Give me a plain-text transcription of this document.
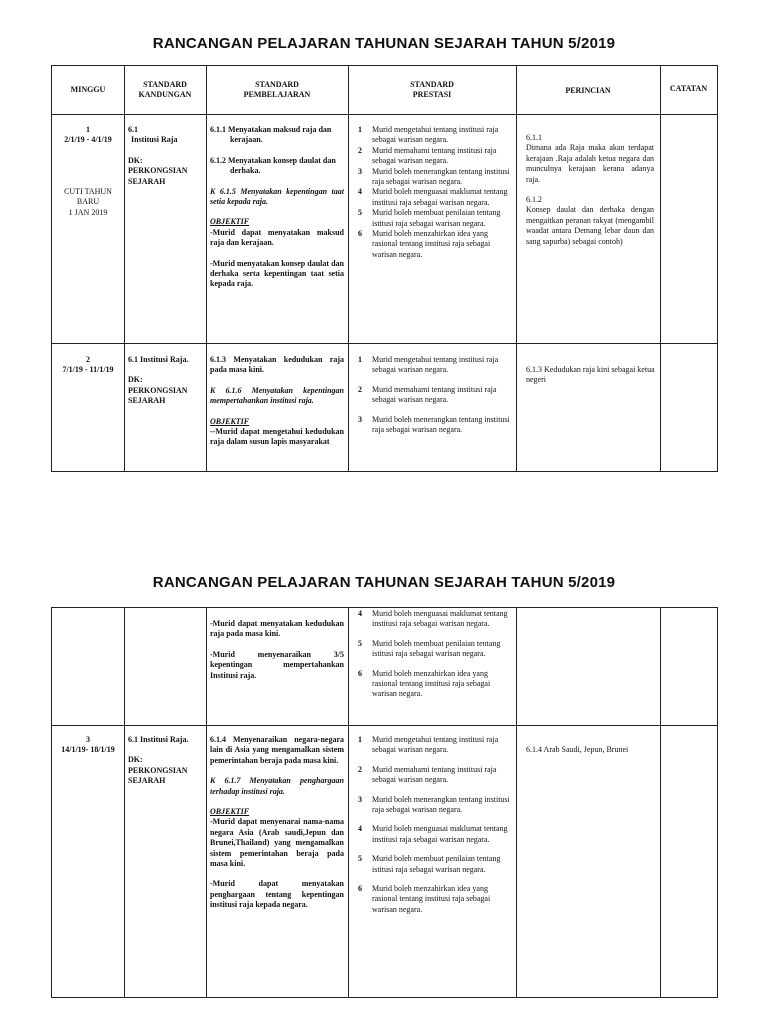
RANCANGAN PELAJARAN TAHUNAN SEJARAH TAHUN 5/2019
MINGGU
STANDARD
KANDUNGAN
STANDARD
PEMBELAJARAN
STANDARD
PRESTASI	PERINCIAN	CATATAN
1
2/1/19 - 4/1/19
CUTI TAHUN
BARU
1 JAN 2019
6.1
Institusi Raja
DK:
PERKONGSIAN SEJARAH
6.1.1 Menyatakan maksud raja dan
kerajaan.
6.1.2 Menyatakan konsep daulat dan
derhaka.
K 6.1.5 Menyatakan kepentingan taat setia kepada raja.
OBJEKTIF
-Murid dapat menyatakan maksud raja dan kerajaan.
-Murid menyatakan konsep daulat dan derhaka serta kepentingan taat setia kepada raja.
1 Murid mengetahui tentang institusi raja sebagai warisan negara.
2 Murid memahami tentang institusi raja sebagai warisan negara.
3 Murid boleh menerangkan tentang institusi raja sebagai warisan negara.
4 Murid boleh menguasai maklumat tentang institusi raja sebagai warisan negara.
5 Murid boleh membuat penilaian tentang istitusi raja sebagai warisan negara.
6 Murid boleh menzahirkan idea yang rasional tentang institusi raja sebagai warisan negara.
6.1.1
Dimana ada Raja maka akan terdapat kerajaan .Raja adalah ketua negara dan munculnya kerajaan kerana adanya raja.
6.1.2
Konsep daulat dan derhaka dengan mengaitkan peranan rakyat (mengambil waadat antara Demang lebar daun dan sang sapurba) sebagai contoh)
2
7/1/19 - 11/1/19
6.1 Institusi Raja.
DK:
PERKONGSIAN SEJARAH
6.1.3 Menyatakan kedudukan raja pada masa kini.
K 6.1.6 Menyatakan kepentingan mempertahankan institusi raja.
OBJEKTIF
--Murid dapat mengetahui kedudukan raja dalam susun lapis masyarakat
1 Murid mengetahui tentang institusi raja sebagai warisan negara.
2 Murid memahami tentang institusi raja sebagai warisan negara.
3 Murid boleh menerangkan tentang institusi raja sebagai warisan negara.
6.1.3 Kedudukan raja kini sebagai ketua negeri
RANCANGAN PELAJARAN TAHUNAN SEJARAH TAHUN 5/2019
-Murid dapat menyatakan kedudukan raja pada masa kini.
-Murid menyenaraikan 3/5 kepentingan mempertahankan Institusi raja.
4 Murid boleh menguasai maklumat tentang institusi raja sebagai warisan negara.
5 Murid boleh membuat penilaian tentang istitusi raja sebagai warisan negara.
6 Murid boleh menzahirkan idea yang rasional tentang institusi raja sebagai warisan negara.
3
14/1/19- 18/1/19
6.1 Institusi Raja.
DK:
PERKONGSIAN SEJARAH
6.1.4 Menyenaraikan negara-negara lain di Asia yang mengamalkan sistem pemerintahan beraja pada masa kini.
K 6.1.7 Menyatakan penghargaan terhadap institusi raja.
OBJEKTIF
-Murid dapat menyenarai nama-nama negara Asia (Arab saudi,Jepun dan Brunei,Thailand) yang mengamalkan sistem pemerintahan beraja pada masa kini.
-Murid dapat menyatakan penghargaan tentang kepentingan institusi raja kepada negara.
1 Murid mengetahui tentang institusi raja sebagai warisan negara.
2 Murid memahami tentang institusi raja sebagai warisan negara.
3 Murid boleh menerangkan tentang institusi raja sebagai warisan negara.
4 Murid boleh menguasai maklumat tentang institusi raja sebagai warisan negara.
5 Murid boleh membuat penilaian tentang istitusi raja sebagai warisan negara.
6 Murid boleh menzahirkan idea yang rasional tentang institusi raja sebagai warisan negara.
6.1.4 Arab Saudi, Jepun, Brunei
